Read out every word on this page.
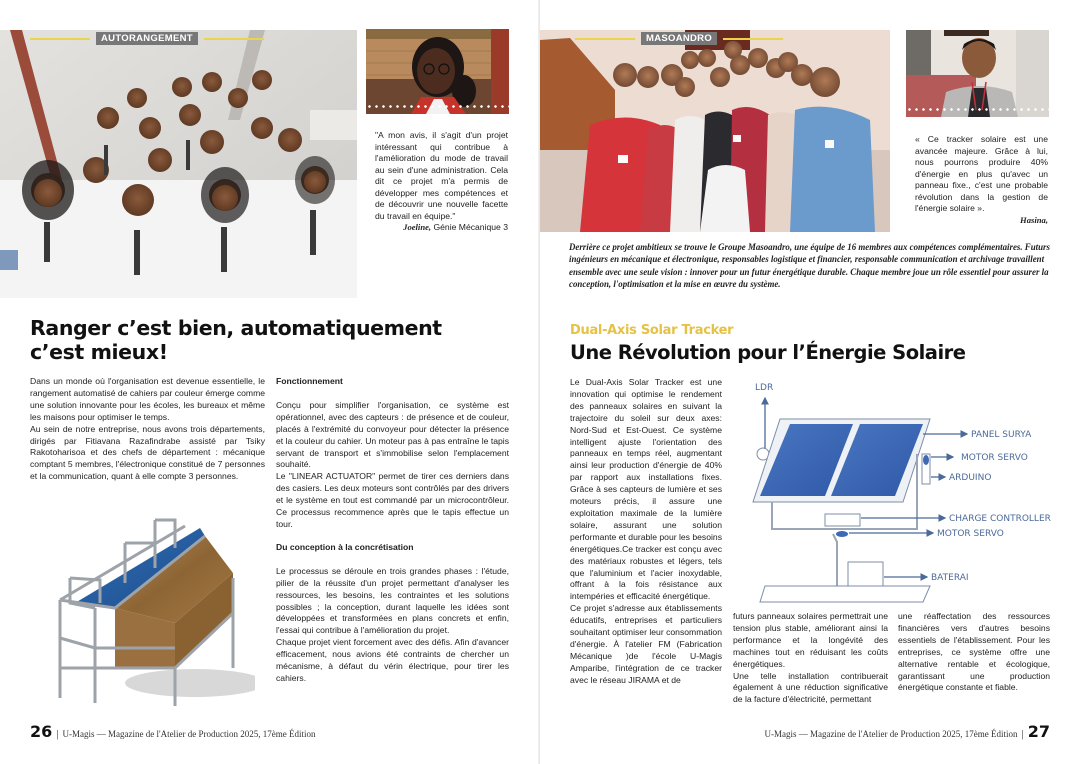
AUTORANGEMENT
"A mon avis, il s'agit d'un projet intéressant qui contribue à l'amélioration du mode de travail au sein d'une administration. Cela dit ce projet m'a permis de développer mes compétences et de découvrir une nouvelle facette du travail en équipe."
Joeline, Génie Mécanique 3
Ranger c’est bien, automatiquement c’est mieux!

Dans un monde où l'organisation est devenue essentielle, le rangement automatisé de cahiers par couleur émerge comme une solution innovante pour les écoles, les bureaux et même les maisons pour optimiser le temps.

Au sein de notre entreprise, nous avons trois départements, dirigés par Fitiavana Razafindrabe assisté par Tsiky Rakotoharisoa et des chefs de département : mécanique comptant 5 membres, l'électronique constitué de 7 personnes et la communication, quant à elle compte 3 personnes.

Fonctionnement

Conçu pour simplifier l'organisation, ce système est opérationnel, avec des capteurs : de présence et de couleur, placés à l'extrémité du convoyeur pour détecter la présence et la couleur du cahier. Un moteur pas à pas entraîne le tapis servant de transport et s'immobilise selon l'emplacement souhaité.

Le "LINEAR ACTUATOR" permet de tirer ces derniers dans des casiers. Les deux moteurs sont contrôlés par des drivers et le système en tout est commandé par un microcontrôleur. Ce processus recommence après que le tapis effectue un tour.

Du conception à la concrétisation

Le processus se déroule en trois grandes phases : l'étude, pilier de la réussite d'un projet permettant d'analyser les ressources, les besoins, les contraintes et les solutions possibles ; la conception, durant laquelle les idées sont développées et transformées en plans concrets et enfin, l'essai qui contribue à l'amélioration du projet.

Chaque projet vient forcement avec des défis. Afin d'avancer efficacement, nous avions été contraints de chercher un mécanisme, à défaut du vérin électrique, pour tirer les cahiers.

26 | U-Magis — Magazine de l'Atelier de Production 2025, 17ème Édition
MASOANDRO
« Ce tracker solaire est une avancée majeure. Grâce à lui, nous pourrons produire 40% d'énergie en plus qu'avec un panneau fixe., c'est une probable révolution dans la gestion de l'énergie solaire ».
Hasina,

Derrière ce projet ambitieux se trouve le Groupe Masoandro, une équipe de 16 membres aux compétences complémentaires. Futurs ingénieurs en mécanique et électronique, responsables logistique et financier, responsable communication et archivage travaillent ensemble avec une seule vision : innover pour un futur énergétique durable. Chaque membre joue un rôle essentiel pour assurer la conception, l'optimisation et la mise en œuvre du système.

Dual-Axis Solar Tracker
Une Révolution pour l’Énergie Solaire

Le Dual-Axis Solar Tracker est une innovation qui optimise le rendement des panneaux solaires en suivant la trajectoire du soleil sur deux axes: Nord-Sud et Est-Ouest. Ce système intelligent ajuste l'orientation des panneaux en temps réel, augmentant ainsi leur production d'énergie de 40% par rapport aux installations fixes. Grâce à ses capteurs de lumière et ses moteurs précis, il assure une exploitation maximale de la lumière solaire, assurant une solution performante et durable pour les besoins énergétiques.Ce tracker est conçu avec des matériaux robustes et légers, tels que l'aluminium et l'acier inoxydable, offrant à la fois résistance aux intempéries et efficacité énergétique.

Ce projet s'adresse aux établissements éducatifs, entreprises et particuliers souhaitant optimiser leur consommation d'énergie. À l'atelier FM (Fabrication Mécanique )de l'école U-Magis Amparibe, l'intégration de ce tracker avec le réseau JIRAMA et de

futurs panneaux solaires permettrait une tension plus stable, améliorant ainsi la performance et la longévité des machines tout en réduisant les coûts énergétiques.

Une telle installation contribuerait également à une réduction significative de la facture d'électricité, permettant

une réaffectation des ressources financières vers d'autres besoins essentiels de l'établissement. Pour les entreprises, ce système offre une alternative rentable et écologique, garantissant une production énergétique constante et fiable.

U-Magis — Magazine de l'Atelier de Production 2025, 17ème Édition | 27
LDR
PANEL SURYA
MOTOR SERVO
ARDUINO
CHARGE CONTROLLER
MOTOR SERVO
BATERAI
